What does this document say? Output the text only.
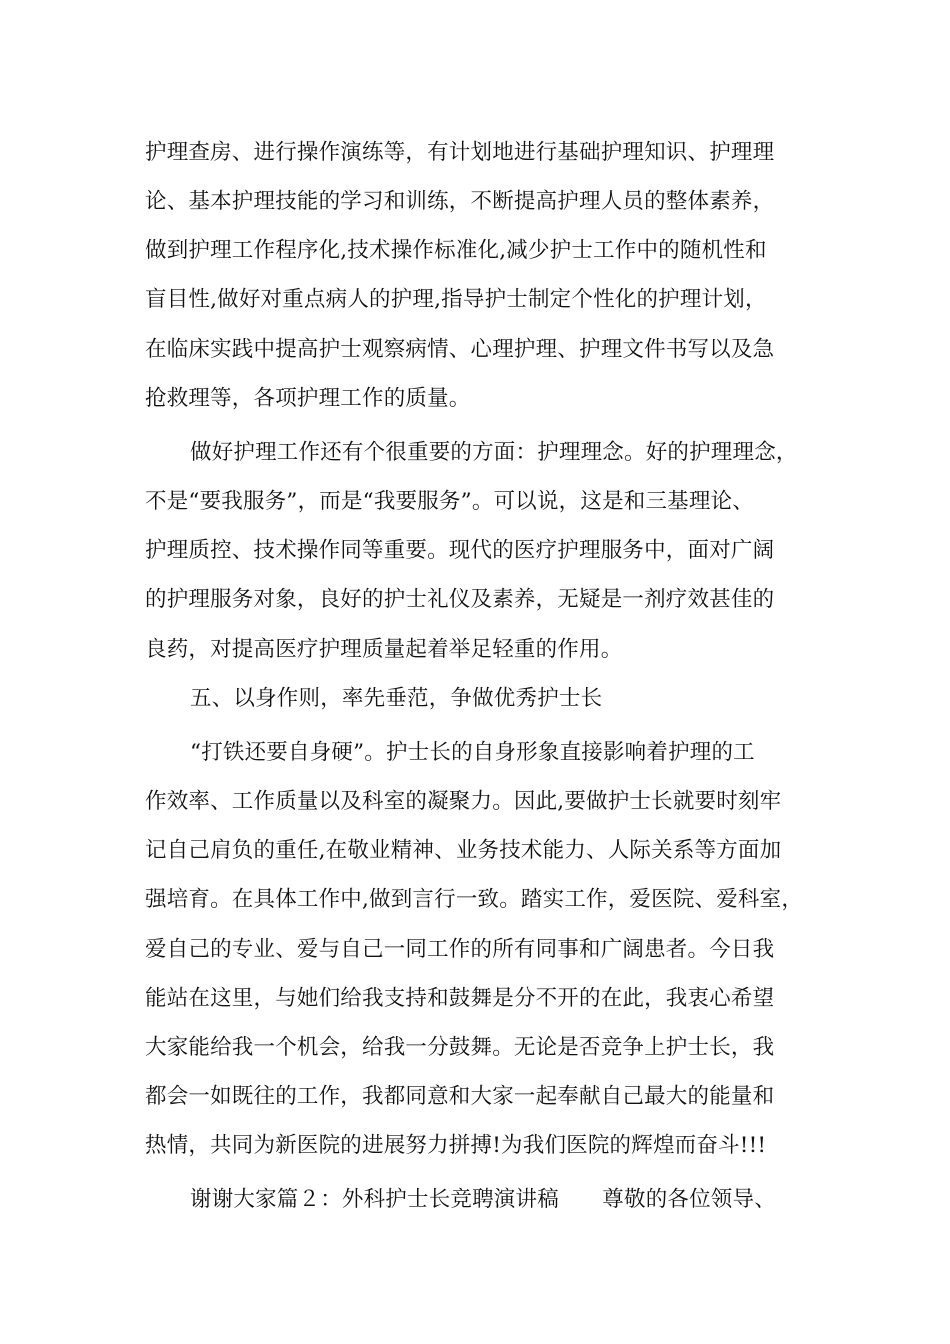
护理查房、进行操作演练等，有计划地进行基础护理知识、护理理

论、基本护理技能的学习和训练，不断提高护理人员的整体素养，

做到护理工作程序化,技术操作标准化,减少护士工作中的随机性和

盲目性,做好对重点病人的护理,指导护士制定个性化的护理计划，

在临床实践中提高护士观察病情、心理护理、护理文件书写以及急

抢救理等，各项护理工作的质量。

做好护理工作还有个很重要的方面：护理理念。好的护理理念，

不是“要我服务”，而是“我要服务”。可以说，这是和三基理论、

护理质控、技术操作同等重要。现代的医疗护理服务中，面对广阔

的护理服务对象，良好的护士礼仪及素养，无疑是一剂疗效甚佳的

良药，对提高医疗护理质量起着举足轻重的作用。

五、以身作则，率先垂范，争做优秀护士长

“打铁还要自身硬”。护士长的自身形象直接影响着护理的工

作效率、工作质量以及科室的凝聚力。因此,要做护士长就要时刻牢

记自己肩负的重任,在敬业精神、业务技术能力、人际关系等方面加

强培育。在具体工作中,做到言行一致。踏实工作，爱医院、爱科室，

爱自己的专业、爱与自己一同工作的所有同事和广阔患者。今日我

能站在这里，与她们给我支持和鼓舞是分不开的在此，我衷心希望

大家能给我一个机会，给我一分鼓舞。无论是否竞争上护士长，我

都会一如既往的工作，我都同意和大家一起奉献自己最大的能量和

热情，共同为新医院的进展努力拼搏!为我们医院的辉煌而奋斗!!!

谢谢大家篇２：外科护士长竞聘演讲稿　　尊敬的各位领导、
